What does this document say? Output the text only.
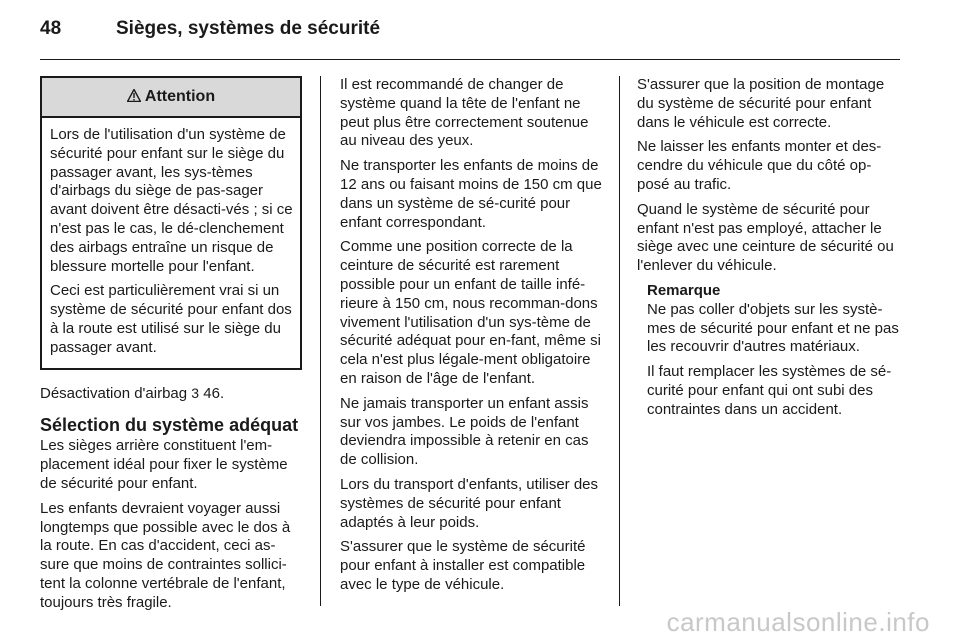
48	Sièges, systèmes de sécurité
Attention

Lors de l'utilisation d'un système de sécurité pour enfant sur le siège du passager avant, les sys-tèmes d'airbags du siège de pas-sager avant doivent être désacti-vés ; si ce n'est pas le cas, le dé-clenchement des airbags entraîne un risque de blessure mortelle pour l'enfant.

Ceci est particulièrement vrai si un système de sécurité pour enfant dos à la route est utilisé sur le siège du passager avant.

Désactivation d'airbag 3 46.

Sélection du système adéquat

Les sièges arrière constituent l'em-placement idéal pour fixer le système de sécurité pour enfant.

Les enfants devraient voyager aussi longtemps que possible avec le dos à la route. En cas d'accident, ceci as-sure que moins de contraintes sollici-tent la colonne vertébrale de l'enfant, toujours très fragile.

Il est recommandé de changer de système quand la tête de l'enfant ne peut plus être correctement soutenue au niveau des yeux.

Ne transporter les enfants de moins de 12 ans ou faisant moins de 150 cm que dans un système de sé-curité pour enfant correspondant.

Comme une position correcte de la ceinture de sécurité est rarement possible pour un enfant de taille infé-rieure à 150 cm, nous recomman-dons vivement l'utilisation d'un sys-tème de sécurité adéquat pour en-fant, même si cela n'est plus légale-ment obligatoire en raison de l'âge de l'enfant.

Ne jamais transporter un enfant assis sur vos jambes. Le poids de l'enfant deviendra impossible à retenir en cas de collision.

Lors du transport d'enfants, utiliser des systèmes de sécurité pour enfant adaptés à leur poids.

S'assurer que le système de sécurité pour enfant à installer est compatible avec le type de véhicule.

S'assurer que la position de montage du système de sécurité pour enfant dans le véhicule est correcte.

Ne laisser les enfants monter et des-cendre du véhicule que du côté op-posé au trafic.

Quand le système de sécurité pour enfant n'est pas employé, attacher le siège avec une ceinture de sécurité ou l'enlever du véhicule.

Remarque

Ne pas coller d'objets sur les systè-mes de sécurité pour enfant et ne pas les recouvrir d'autres matériaux.

Il faut remplacer les systèmes de sé-curité pour enfant qui ont subi des contraintes dans un accident.

carmanualsonline.info
